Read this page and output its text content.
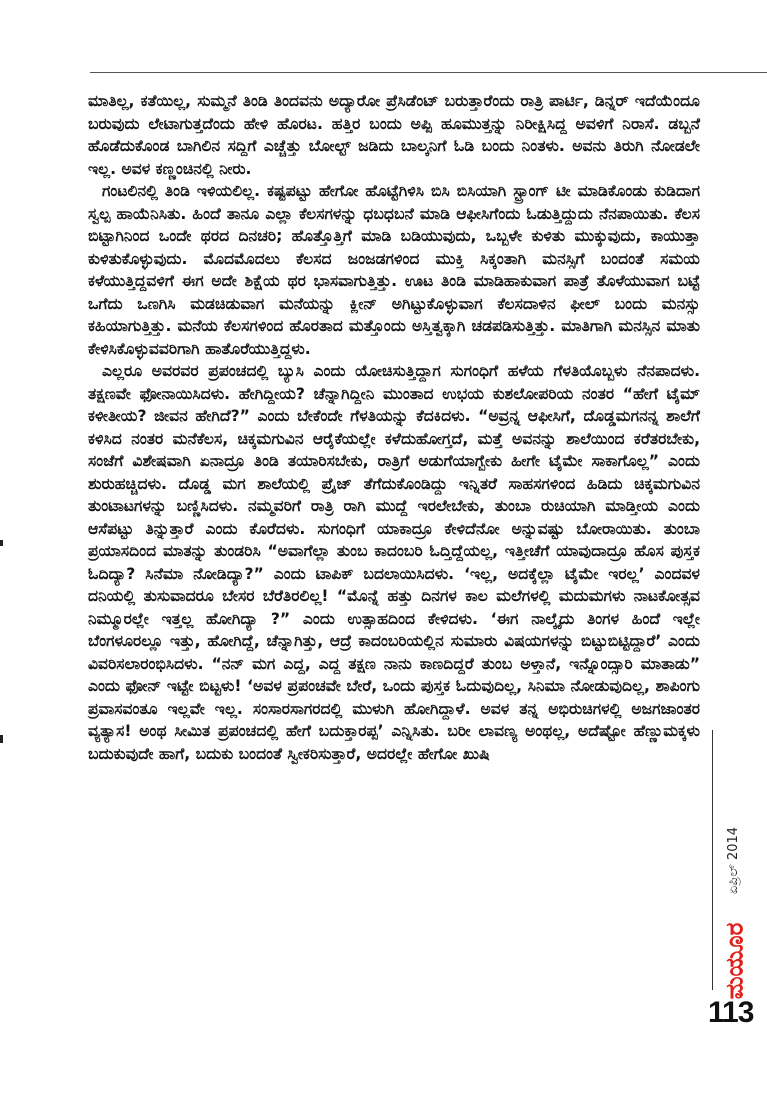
ಮಾತಿಲ್ಲ, ಕತೆಯಿಲ್ಲ, ಸುಮ್ಮನೆ ತಿಂಡಿ ತಿಂದವನು ಅದ್ಯಾರೋ ಪ್ರೆಸಿಡೆಂಟ್ ಬರುತ್ತಾರೆಂದು ರಾತ್ರಿ ಪಾರ್ಟಿ, ಡಿನ್ನರ್ ಇದೆಯೆಂದೂ ಬರುವುದು ಲೇಟಾಗುತ್ತದೆಂದು ಹೇಳಿ ಹೊರಟ. ಹತ್ತಿರ ಬಂದು ಅಪ್ಪಿ ಹೂಮುತ್ತನ್ನು ನಿರೀಕ್ಷಿಸಿದ್ದ ಅವಳಿಗೆ ನಿರಾಸೆ. ಡಬ್ಬನೆ ಹೊಡೆದುಕೊಂಡ ಬಾಗಿಲಿನ ಸದ್ದಿಗೆ ಎಚ್ಚೆತ್ತು ಬೋಲ್ಟ್ ಜಡಿದು ಬಾಲ್ಕನಿಗೆ ಓಡಿ ಬಂದು ನಿಂತಳು. ಅವನು ತಿರುಗಿ ನೋಡಲೇ ಇಲ್ಲ. ಅವಳ ಕಣ್ಣಂಚಿನಲ್ಲಿ ನೀರು.

ಗಂಟಲಿನಲ್ಲಿ ತಿಂಡಿ ಇಳಿಯಲಿಲ್ಲ. ಕಷ್ಟಪಟ್ಟು ಹೇಗೋ ಹೊಟ್ಟೆಗಿಳಿಸಿ ಬಿಸಿ ಬಿಸಿಯಾಗಿ ಸ್ಟ್ರಾಂಗ್ ಟೀ ಮಾಡಿಕೊಂಡು ಕುಡಿದಾಗ ಸ್ವಲ್ಪ ಹಾಯೆನಿಸಿತು. ಹಿಂದೆ ತಾನೂ ಎಲ್ಲಾ ಕೆಲಸಗಳನ್ನು ಧಬಧಬನೆ ಮಾಡಿ ಆಫೀಸಿಗೆಂದು ಓಡುತ್ತಿದ್ದುದು ನೆನಪಾಯಿತು. ಕೆಲಸ ಬಿಟ್ಟಾಗಿನಿಂದ ಒಂದೇ ಥರದ ದಿನಚರಿ; ಹೊತ್ತೊತ್ತಿಗೆ ಮಾಡಿ ಬಡಿಯುವುದು, ಒಬ್ಬಳೇ ಕುಳಿತು ಮುಕ್ಕುವುದು, ಕಾಯುತ್ತಾ ಕುಳಿತುಕೊಳ್ಳುವುದು. ಮೊದಮೊದಲು ಕೆಲಸದ ಜಂಜಡಗಳಿಂದ ಮುಕ್ತಿ ಸಿಕ್ಕಂತಾಗಿ ಮನಸ್ಸಿಗೆ ಬಂದಂತೆ ಸಮಯ ಕಳೆಯುತ್ತಿದ್ದವಳಿಗೆ ಈಗ ಅದೇ ಶಿಕ್ಷೆಯ ಥರ ಭಾಸವಾಗುತ್ತಿತ್ತು. ಊಟ ತಿಂಡಿ ಮಾಡಿಹಾಕುವಾಗ ಪಾತ್ರೆ ತೊಳೆಯುವಾಗ ಬಟ್ಟೆ ಒಗೆದು ಒಣಗಿಸಿ ಮಡಚಿಡುವಾಗ ಮನೆಯನ್ನು ಕ್ಲೀನ್ ಅಗಿಟ್ಟುಕೊಳ್ಳುವಾಗ ಕೆಲಸದಾಳಿನ ಫೀಲ್ ಬಂದು ಮನಸ್ಸು ಕಹಿಯಾಗುತ್ತಿತ್ತು. ಮನೆಯ ಕೆಲಸಗಳಿಂದ ಹೊರತಾದ ಮತ್ತೊಂದು ಅಸ್ತಿತ್ವಕ್ಕಾಗಿ ಚಡಪಡಿಸುತ್ತಿತ್ತು. ಮಾತಿಗಾಗಿ ಮನಸ್ಸಿನ ಮಾತು ಕೇಳಿಸಿಕೊಳ್ಳುವವರಿಗಾಗಿ ಹಾತೊರೆಯುತ್ತಿದ್ದಳು.

ಎಲ್ಲರೂ ಅವರವರ ಪ್ರಪಂಚದಲ್ಲಿ ಬ್ಯುಸಿ ಎಂದು ಯೋಚಿಸುತ್ತಿದ್ದಾಗ ಸುಗಂಧಿಗೆ ಹಳೆಯ ಗೆಳತಿಯೊಬ್ಬಳು ನೆನಪಾದಳು. ತಕ್ಷಣವೇ ಫೋನಾಯಿಸಿದಳು. ಹೇಗಿದ್ದೀಯ? ಚೆನ್ನಾಗಿದ್ದೀನಿ ಮುಂತಾದ ಉಭಯ ಕುಶಲೋಪರಿಯ ನಂತರ “ಹೇಗೆ ಟೈಮ್ ಕಳೀತೀಯ? ಜೀವನ ಹೇಗಿದೆ?” ಎಂದು ಬೇಕೆಂದೇ ಗೆಳತಿಯನ್ನು ಕೆದಕಿದಳು. “ಅವ್ರನ್ನ ಆಫೀಸಿಗೆ, ದೊಡ್ಡಮಗನನ್ನ ಶಾಲೆಗೆ ಕಳಿಸಿದ ನಂತರ ಮನೆಕೆಲಸ, ಚಿಕ್ಕಮಗುವಿನ ಆರೈಕೆಯಲ್ಲೇ ಕಳೆದುಹೋಗ್ತದೆ, ಮತ್ತೆ ಅವನನ್ನು ಶಾಲೆಯಿಂದ ಕರೆತರಬೇಕು, ಸಂಜೆಗೆ ವಿಶೇಷವಾಗಿ ಏನಾದ್ರೂ ತಿಂಡಿ ತಯಾರಿಸಬೇಕು, ರಾತ್ರಿಗೆ ಅಡುಗೆಯಾಗ್ಬೇಕು ಹೀಗೇ ಟೈಮೇ ಸಾಕಾಗೊಲ್ಲ” ಎಂದು ಶುರುಹಚ್ಚಿದಳು. ದೊಡ್ಡ ಮಗ ಶಾಲೆಯಲ್ಲಿ ಪ್ರೈಜ್ ತೆಗೆದುಕೊಂಡಿದ್ದು ಇನ್ನಿತರೆ ಸಾಹಸಗಳಿಂದ ಹಿಡಿದು ಚಿಕ್ಕಮಗುವಿನ ತುಂಟಾಟಗಳನ್ನು ಬಣ್ಣಿಸಿದಳು. ನಮ್ಮವರಿಗೆ ರಾತ್ರಿ ರಾಗಿ ಮುದ್ದೆ ಇರಲೇಬೇಕು, ತುಂಬಾ ರುಚಿಯಾಗಿ ಮಾಡ್ತೀಯ ಎಂದು ಆಸೆಪಟ್ಟು ತಿನ್ನುತ್ತಾರೆ ಎಂದು ಕೊರೆದಳು. ಸುಗಂಧಿಗೆ ಯಾಕಾದ್ರೂ ಕೇಳಿದೆನೋ ಅನ್ನುವಷ್ಟು ಬೋರಾಯಿತು. ತುಂಬಾ ಪ್ರಯಾಸದಿಂದ ಮಾತನ್ನು ತುಂಡರಿಸಿ “ಅವಾಗೆಲ್ಲಾ ತುಂಬ ಕಾದಂಬರಿ ಓದ್ತಿದ್ದೆಯಲ್ಲ, ಇತ್ತೀಚೆಗೆ ಯಾವುದಾದ್ರೂ ಹೊಸ ಪುಸ್ತಕ ಓದಿದ್ಯಾ? ಸಿನೆಮಾ ನೋಡಿದ್ಯಾ?” ಎಂದು ಟಾಪಿಕ್ ಬದಲಾಯಿಸಿದಳು. ‘ಇಲ್ಲ, ಅದಕ್ಕೆಲ್ಲಾ ಟೈಮೇ ಇರಲ್ಲ’ ಎಂದವಳ ದನಿಯಲ್ಲಿ ತುಸುವಾದರೂ ಬೇಸರ ಬೆರೆತಿರಲಿಲ್ಲ! “ಮೊನ್ನೆ ಹತ್ತು ದಿನಗಳ ಕಾಲ ಮಲೆಗಳಲ್ಲಿ ಮದುಮಗಳು ನಾಟಕೋತ್ಸವ ನಿಮ್ಮೂರಲ್ಲೇ ಇತ್ತಲ್ಲ ಹೋಗಿದ್ಯಾ ?” ಎಂದು ಉತ್ಸಾಹದಿಂದ ಕೇಳಿದಳು. ‘ಈಗ ನಾಲ್ಕೈದು ತಿಂಗಳ ಹಿಂದೆ ಇಲ್ಲೇ ಬೆಂಗಳೂರಲ್ಲೂ ಇತ್ತು, ಹೋಗಿದ್ದೆ, ಚೆನ್ನಾಗಿತ್ತು, ಆದ್ರೆ ಕಾದಂಬರಿಯಲ್ಲಿನ ಸುಮಾರು ವಿಷಯಗಳನ್ನು ಬಿಟ್ಟುಬಿಟ್ಟಿದ್ದಾರೆ’ ಎಂದು ವಿವರಿಸಲಾರಂಭಿಸಿದಳು. “ನನ್ ಮಗ ಎದ್ದ, ಎದ್ದ ತಕ್ಷಣ ನಾನು ಕಾಣದಿದ್ದರೆ ತುಂಬ ಅಳ್ತಾನೆ, ಇನ್ನೊಂದ್ಸಾರಿ ಮಾತಾಡು” ಎಂದು ಫೋನ್ ಇಟ್ಟೇ ಬಿಟ್ಟಳು! ‘ಅವಳ ಪ್ರಪಂಚವೇ ಬೇರೆ, ಒಂದು ಪುಸ್ತಕ ಓದುವುದಿಲ್ಲ, ಸಿನಿಮಾ ನೋಡುವುದಿಲ್ಲ, ಶಾಪಿಂಗು ಪ್ರವಾಸವಂತೂ ಇಲ್ಲವೇ ಇಲ್ಲ. ಸಂಸಾರಸಾಗರದಲ್ಲಿ ಮುಳುಗಿ ಹೋಗಿದ್ದಾಳೆ. ಅವಳ ತನ್ನ ಅಭಿರುಚಿಗಳಲ್ಲಿ ಅಜಗಜಾಂತರ ವ್ಯತ್ಯಾಸ! ಅಂಥ ಸೀಮಿತ ಪ್ರಪಂಚದಲ್ಲಿ ಹೇಗೆ ಬದುಕ್ತಾರಪ್ಪ’ ಎನ್ನಿಸಿತು. ಬರೀ ಲಾವಣ್ಯ ಅಂಥಲ್ಲ, ಅದೆಷ್ಟೋ ಹೆಣ್ಣುಮಕ್ಕಳು ಬದುಕುವುದೇ ಹಾಗೆ, ಬದುಕು ಬಂದಂತೆ ಸ್ವೀಕರಿಸುತ್ತಾರೆ, ಅದರಲ್ಲೇ ಹೇಗೋ ಖುಷಿ

ಏಪ್ರಿಲ್ 2014
ಮಯೂರ
113
